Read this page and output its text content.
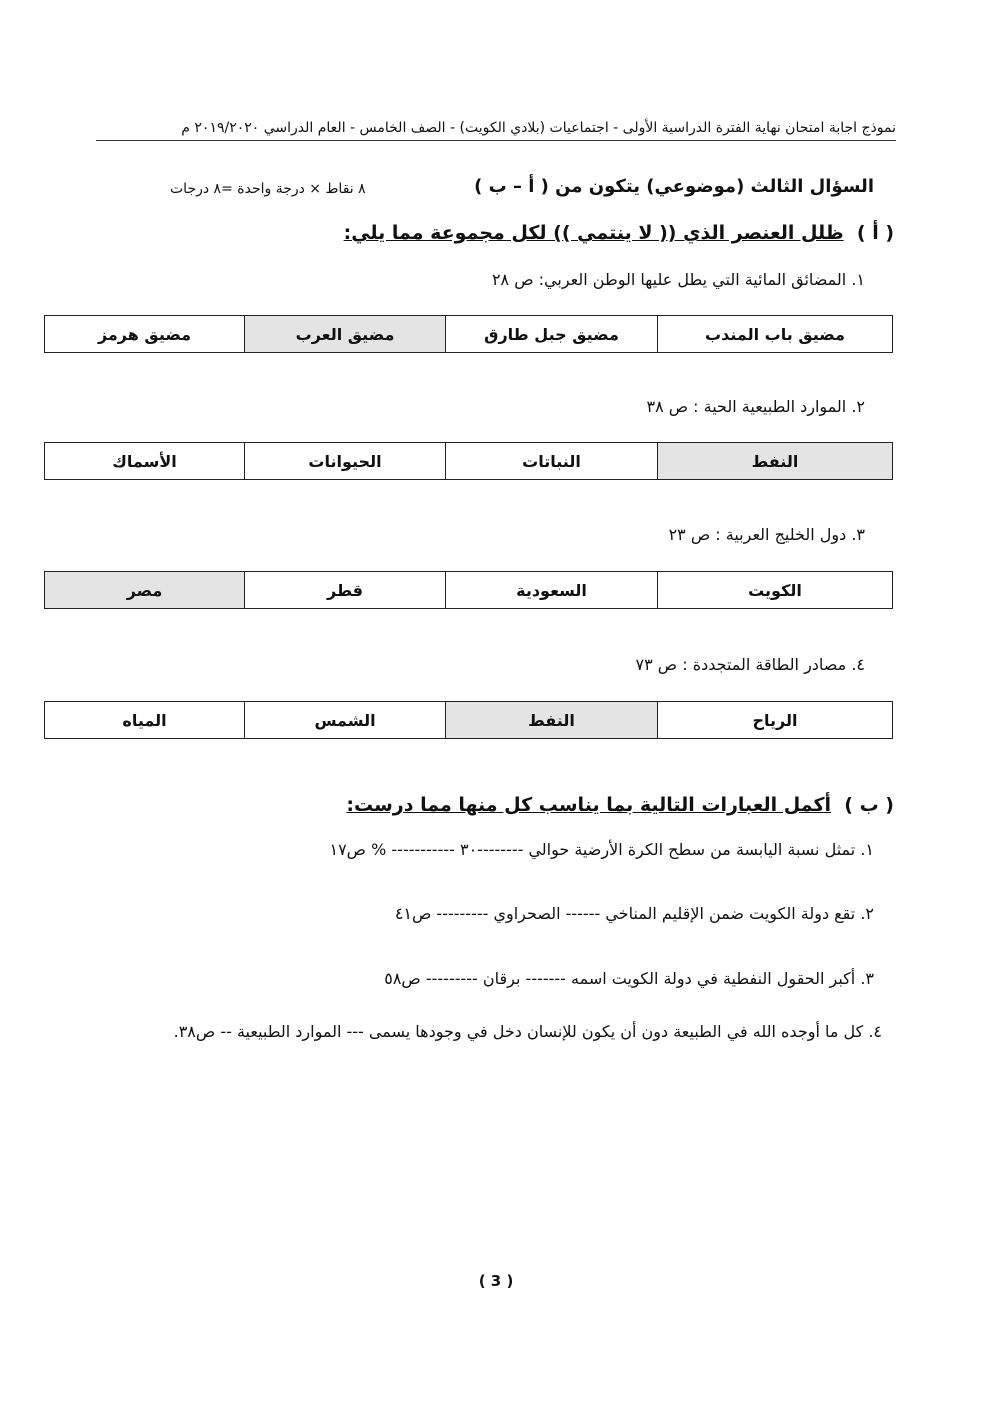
نموذج اجابة امتحان نهاية الفترة الدراسية الأولى - اجتماعيات (بلادي الكويت) - الصف الخامس - العام الدراسي ٢٠١٩/٢٠٢٠ م
السؤال الثالث (موضوعي) يتكون من ( أ – ب )
٨ نقاط × درجة واحدة =٨ درجات
( أ )  ظلل العنصر الذي (( لا ينتمي )) لكل مجموعة مما يلي:
١. المضائق المائية التي يطل عليها الوطن العربي: ص ٢٨
مضيق باب المندب	مضيق جبل طارق	مضيق العرب	مضيق هرمز
٢. الموارد الطبيعية الحية : ص ٣٨
النفط	النباتات	الحيوانات	الأسماك
٣. دول الخليج العربية : ص ٢٣
الكويت	السعودية	قطر	مصر
٤. مصادر الطاقة المتجددة : ص ٧٣
الرياح	النفط	الشمس	المياه
( ب )  أكمل العبارات التالية بما يناسب كل منها مما درست:
١. تمثل نسبة اليابسة من سطح الكرة الأرضية حوالي --------٣٠ ----------- % ص١٧
٢. تقع دولة الكويت ضمن الإقليم المناخي ------ الصحراوي --------- ص٤١
٣. أكبر الحقول النفطية في دولة الكويت اسمه ------- برقان --------- ص٥٨
٤. كل ما أوجده الله في الطبيعة دون أن يكون للإنسان دخل في وجودها يسمى --- الموارد الطبيعية -- ص٣٨.
( 3 )
